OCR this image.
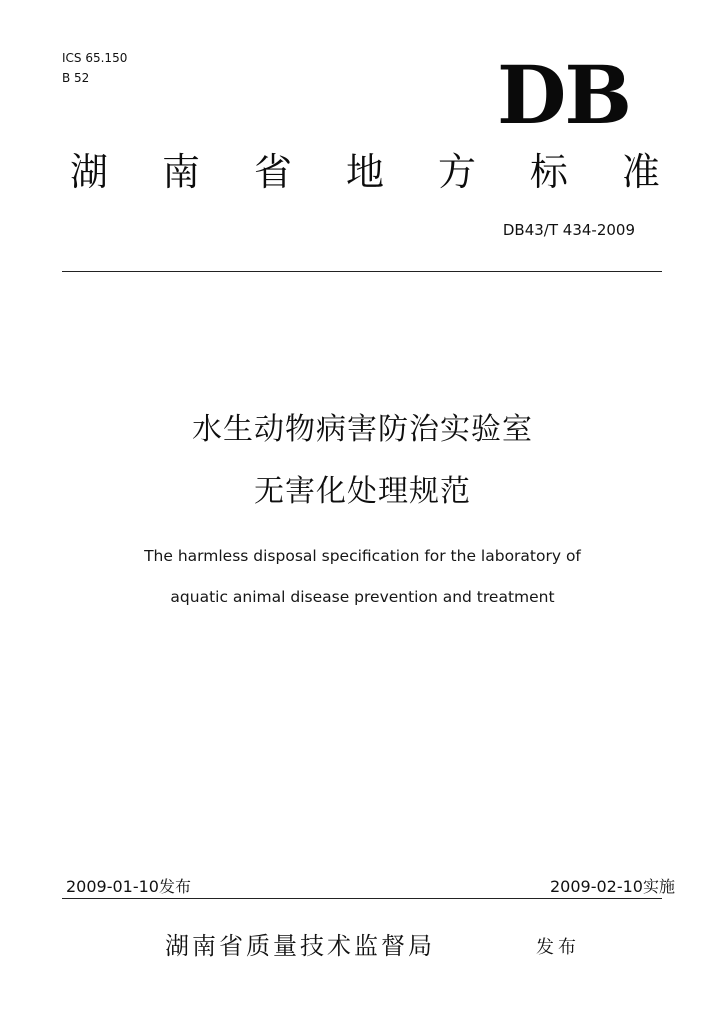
ICS 65.150
B 52	DB
湖 南 省 地 方 标 准
DB43/T 434-2009
水生动物病害防治实验室
无害化处理规范
The harmless disposal specification for the laboratory of
aquatic animal disease prevention and treatment
2009-01-10发布	2009-02-10实施
湖南省质量技术监督局	发布
